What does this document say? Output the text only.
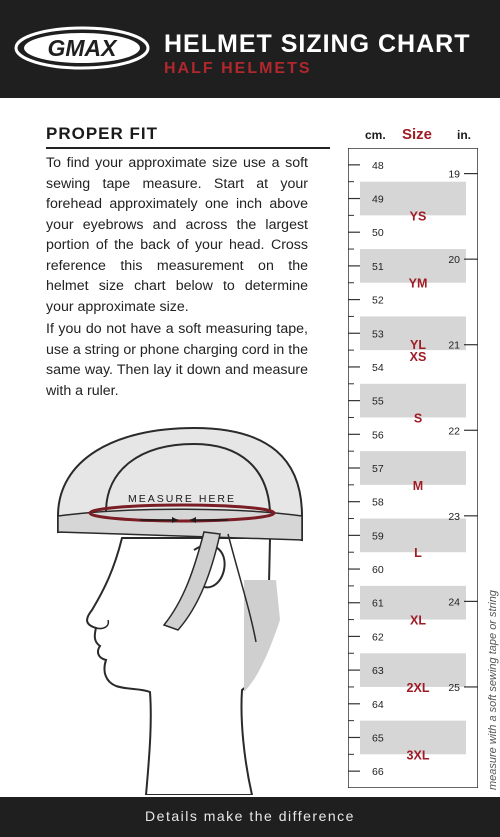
GMAX HELMET SIZING CHART
HALF HELMETS
PROPER FIT

To find your approximate size use a soft sewing tape measure. Start at your forehead approximately one inch above your eyebrows and across the largest portion of the back of your head. Cross reference this measurement on the helmet size chart below to determine your approximate size.

If you do not have a soft measuring tape, use a string or phone charging cord in the same way. Then lay it down and measure with a ruler.

MEASURE HERE
cm. Size in.
48
49
50
51
52
53
54
55
56
57
58
59
60
61
62
63
64
65
66
19
20
21
22
23
24
25
YS
YM
YL
XS
S
M
L
XL
2XL
3XL	measure with a soft sewing tape or string
Details make the difference
